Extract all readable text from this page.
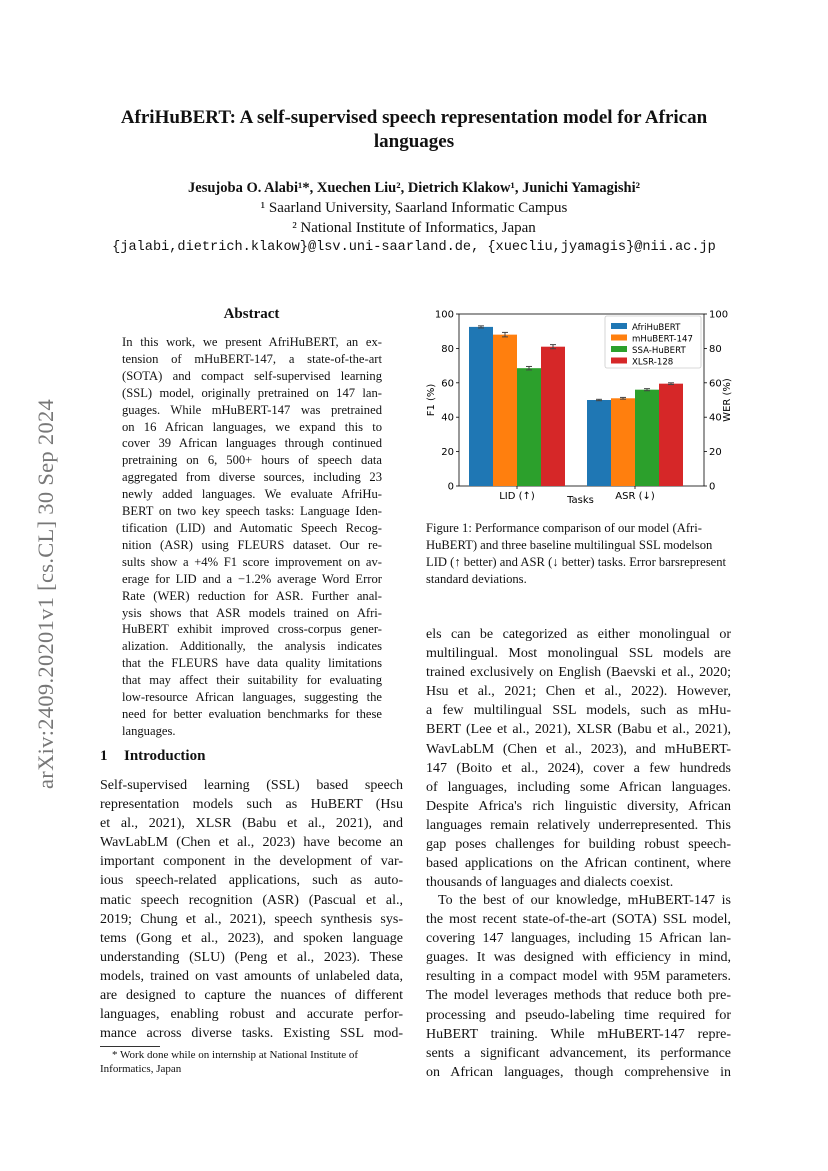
arXiv:2409.20201v1 [cs.CL] 30 Sep 2024
AfriHuBERT: A self-supervised speech representation model for African
languages
Jesujoba O. Alabi¹*, Xuechen Liu², Dietrich Klakow¹, Junichi Yamagishi²
¹ Saarland University, Saarland Informatic Campus
² National Institute of Informatics, Japan
{jalabi,dietrich.klakow}@lsv.uni-saarland.de, {xuecliu,jyamagis}@nii.ac.jp
Abstract
In this work, we present AfriHuBERT, an ex-
tension of mHuBERT-147, a state-of-the-art
(SOTA) and compact self-supervised learning
(SSL) model, originally pretrained on 147 lan-
guages. While mHuBERT-147 was pretrained
on 16 African languages, we expand this to
cover 39 African languages through continued
pretraining on 6, 500+ hours of speech data
aggregated from diverse sources, including 23
newly added languages. We evaluate AfriHu-
BERT on two key speech tasks: Language Iden-
tification (LID) and Automatic Speech Recog-
nition (ASR) using FLEURS dataset. Our re-
sults show a +4% F1 score improvement on av-
erage for LID and a −1.2% average Word Error
Rate (WER) reduction for ASR. Further anal-
ysis shows that ASR models trained on Afri-
HuBERT exhibit improved cross-corpus gener-
alization. Additionally, the analysis indicates
that the FLEURS have data quality limitations
that may affect their suitability for evaluating
low-resource African languages, suggesting the
need for better evaluation benchmarks for these
languages.
1 Introduction
Self-supervised learning (SSL) based speech
representation models such as HuBERT (Hsu
et al., 2021), XLSR (Babu et al., 2021), and
WavLabLM (Chen et al., 2023) have become an
important component in the development of var-
ious speech-related applications, such as auto-
matic speech recognition (ASR) (Pascual et al.,
2019; Chung et al., 2021), speech synthesis sys-
tems (Gong et al., 2023), and spoken language
understanding (SLU) (Peng et al., 2023). These
models, trained on vast amounts of unlabeled data,
are designed to capture the nuances of different
languages, enabling robust and accurate perfor-
mance across diverse tasks. Existing SSL mod-
* Work done while on internship at National Institute of
Informatics, Japan
0	0
20	20
40	40
60	60
80	80
100	100
F1 (%)	WER (%)
Tasks
LID (↑)	ASR (↓)
AfriHuBERT
mHuBERT-147
SSA-HuBERT
XLSR-128
Figure 1: Performance comparison of our model (Afri-HuBERT) and three baseline multilingual SSL modelson LID (↑ better) and ASR (↓ better) tasks. Error barsrepresent standard deviations.
els can be categorized as either monolingual or
multilingual. Most monolingual SSL models are
trained exclusively on English (Baevski et al., 2020;
Hsu et al., 2021; Chen et al., 2022). However,
a few multilingual SSL models, such as mHu-
BERT (Lee et al., 2021), XLSR (Babu et al., 2021),
WavLabLM (Chen et al., 2023), and mHuBERT-
147 (Boito et al., 2024), cover a few hundreds
of languages, including some African languages.
Despite Africa's rich linguistic diversity, African
languages remain relatively underrepresented. This
gap poses challenges for building robust speech-
based applications on the African continent, where
thousands of languages and dialects coexist.
To the best of our knowledge, mHuBERT-147 is
the most recent state-of-the-art (SOTA) SSL model,
covering 147 languages, including 15 African lan-
guages. It was designed with efficiency in mind,
resulting in a compact model with 95M parameters.
The model leverages methods that reduce both pre-
processing and pseudo-labeling time required for
HuBERT training. While mHuBERT-147 repre-
sents a significant advancement, its performance
on African languages, though comprehensive in
